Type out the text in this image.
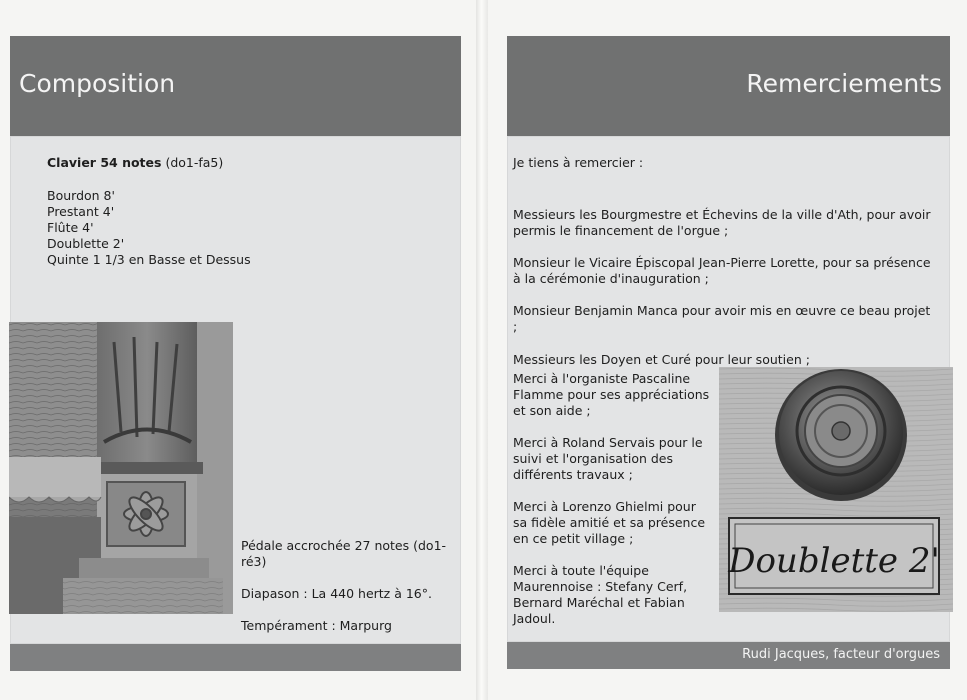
Composition

Clavier 54 notes (do1-fa5)

Bourdon 8'

Prestant 4'

Flûte 4'

Doublette 2'

Quinte 1 1/3 en Basse et Dessus

Pédale accrochée 27 notes (do1-ré3)

Diapason : La 440 hertz à 16°.

Tempérament : Marpurg

Remerciements

Je tiens à remercier :

Messieurs les Bourgmestre et Échevins de la ville d'Ath, pour avoir permis le financement de l'orgue ;

Monsieur le Vicaire Épiscopal Jean-Pierre Lorette, pour sa présence à la cérémonie d'inauguration ;

Monsieur Benjamin Manca pour avoir mis en œuvre ce beau projet ;

Messieurs les Doyen et Curé pour leur soutien ;

Merci à l'organiste Pascaline Flamme pour ses appréciations et son aide ;

Merci à Roland Servais pour le suivi et l'organisation des différents travaux ;

Merci à Lorenzo Ghielmi pour sa fidèle amitié et sa présence en ce petit village ;

Merci à toute l'équipe Maurennoise : Stefany Cerf, Bernard Maréchal et Fabian Jadoul.

Doublette 2'
Rudi Jacques, facteur d'orgues
